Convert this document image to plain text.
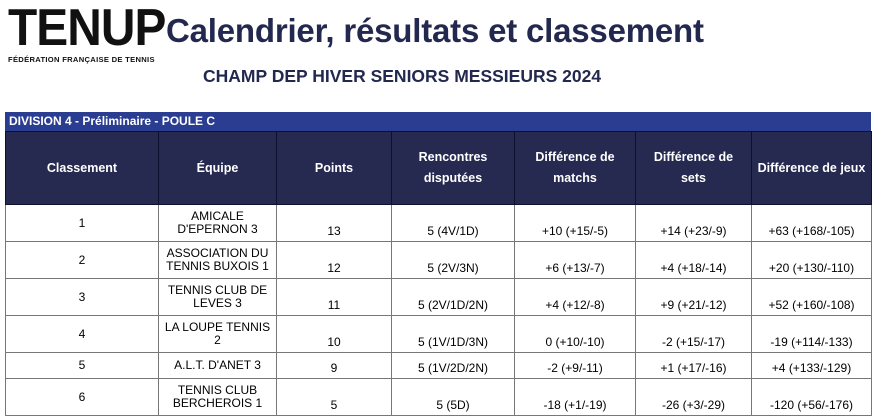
TENUP
FÉDÉRATION FRANÇAISE DE TENNIS
Calendrier, résultats et classement
CHAMP DEP HIVER SENIORS MESSIEURS 2024
DIVISION 4 - Préliminaire - POULE C
Classement	Équipe	Points	Rencontres disputées	Différence de matchs	Différence de sets	Différence de jeux
1	AMICALE D'EPERNON 3	13	5 (4V/1D)	+10 (+15/-5)	+14 (+23/-9)	+63 (+168/-105)
2	ASSOCIATION DU TENNIS BUXOIS 1	12	5 (2V/3N)	+6 (+13/-7)	+4 (+18/-14)	+20 (+130/-110)
3	TENNIS CLUB DE LEVES 3	11	5 (2V/1D/2N)	+4 (+12/-8)	+9 (+21/-12)	+52 (+160/-108)
4	LA LOUPE TENNIS 2	10	5 (1V/1D/3N)	0 (+10/-10)	-2 (+15/-17)	-19 (+114/-133)
5	A.L.T. D'ANET 3	9	5 (1V/2D/2N)	-2 (+9/-11)	+1 (+17/-16)	+4 (+133/-129)
6	TENNIS CLUB BERCHEROIS 1	5	5 (5D)	-18 (+1/-19)	-26 (+3/-29)	-120 (+56/-176)
